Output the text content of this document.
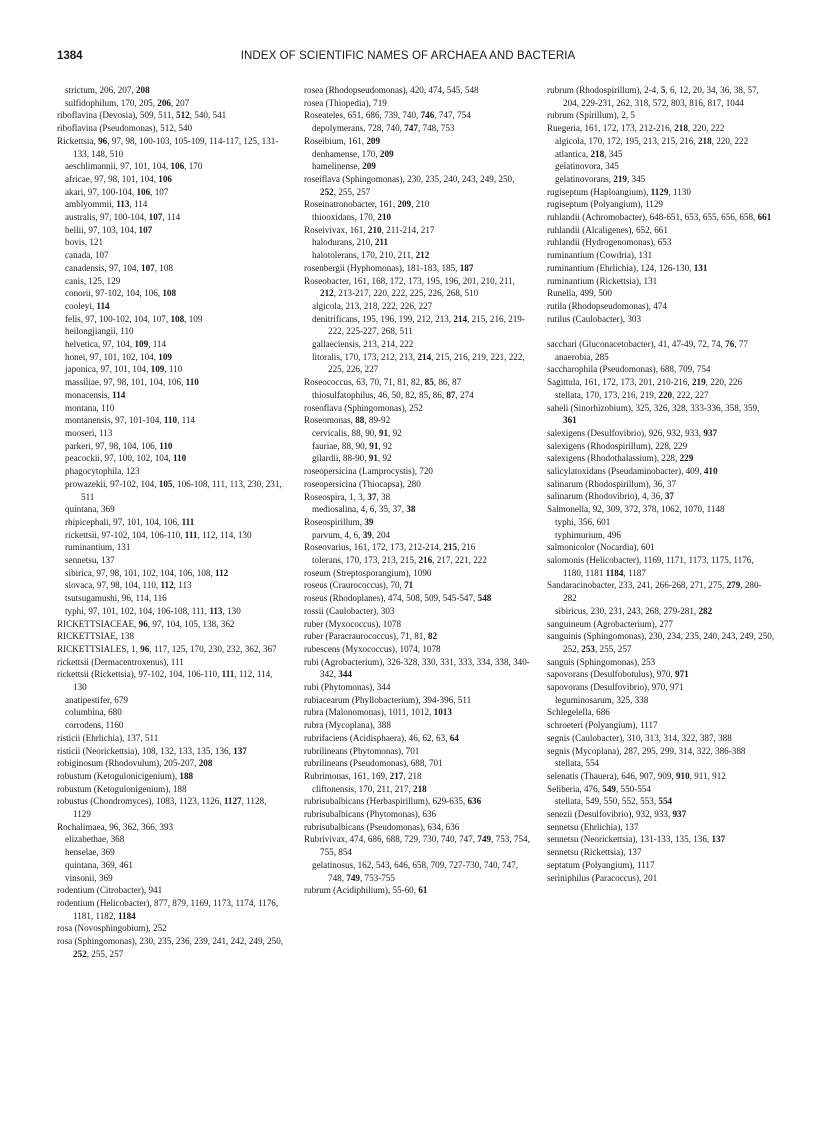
1384	INDEX OF SCIENTIFIC NAMES OF ARCHAEA AND BACTERIA
strictum, 206, 207, 208
sulfidophilum, 170, 205, 206, 207
riboflavina (Devosia), 509, 511, 512, 540, 541
riboflavina (Pseudomonas), 512, 540
Rickettsia, 96, 97, 98, 100-103, 105-109, 114-117, 125, 131-133, 148, 510
aeschlimannii, 97, 101, 104, 106, 170
africae, 97, 98, 101, 104, 106
akari, 97, 100-104, 106, 107
amblyommii, 113, 114
australis, 97, 100-104, 107, 114
bellii, 97, 103, 104, 107
bovis, 121
canada, 107
canadensis, 97, 104, 107, 108
canis, 125, 129
conorii, 97-102, 104, 106, 108
cooleyi, 114
felis, 97, 100-102, 104, 107, 108, 109
heilongjiangii, 110
helvetica, 97, 104, 109, 114
honei, 97, 101, 102, 104, 109
japonica, 97, 101, 104, 109, 110
massiliae, 97, 98, 101, 104, 106, 110
monacensis, 114
montana, 110
montanensis, 97, 101-104, 110, 114
mooseri, 113
parkeri, 97, 98, 104, 106, 110
peacockii, 97, 100, 102, 104, 110
phagocytophila, 123
prowazekii, 97-102, 104, 105, 106-108, 111, 113, 230, 231, 511
quintana, 369
rhipicephali, 97, 101, 104, 106, 111
rickettsii, 97-102, 104, 106-110, 111, 112, 114, 130
ruminantium, 131
sennetsu, 137
sibirica, 97, 98, 101, 102, 104, 106, 108, 112
slovaca, 97, 98, 104, 110, 112, 113
tsutsugamushi, 96, 114, 116
typhi, 97, 101, 102, 104, 106-108, 111, 113, 130
RICKETTSIACEAE, 96, 97, 104, 105, 138, 362
RICKETTSIAE, 138
RICKETTSIALES, 1, 96, 117, 125, 170, 230, 232, 362, 367
rickettsii (Dermacentroxenus), 111
rickettsii (Rickettsia), 97-102, 104, 106-110, 111, 112, 114, 130
anatipestifer, 679
columbina, 680
corrodens, 1160
risticii (Ehrlichia), 137, 511
risticii (Neorickettsia), 108, 132, 133, 135, 136, 137
robiginosum (Rhodovulum), 205-207, 208
robustum (Ketogulonicigenium), 188
robustum (Ketogulonigenium), 188
robustus (Chondromyces), 1083, 1123, 1126, 1127, 1128, 1129
Rochalimaea, 96, 362, 366, 393
elizabethae, 368
henselae, 369
quintana, 369, 461
vinsonii, 369
rodentium (Citrobacter), 941
rodentium (Helicobacter), 877, 879, 1169, 1173, 1174, 1176, 1181, 1182, 1184
rosa (Novosphingobium), 252
rosa (Sphingomonas), 230, 235, 236, 239, 241, 242, 249, 250, 252, 255, 257
rosea (Rhodopseudomonas), 420, 474, 545, 548
rosea (Thiopedia), 719
Roseateles, 651, 686, 739, 740, 746, 747, 754
depolymerans, 728, 740, 747, 748, 753
Roseibium, 161, 209
denhamense, 170, 209
hamelinense, 209
roseiflava (Sphingomonas), 230, 235, 240, 243, 249, 250, 252, 255, 257
Roseinatronobacter, 161, 209, 210
thiooxidans, 170, 210
Roseivivax, 161, 210, 211-214, 217
halodurans, 210, 211
halotolerans, 170, 210, 211, 212
rosenbergii (Hyphomonas), 181-183, 185, 187
Roseobacter, 161, 168, 172, 173, 195, 196, 201, 210, 211, 212, 213-217, 220, 222, 225, 226, 268, 510
algicola, 213, 218, 222, 226, 227
denitrificans, 195, 196, 199, 212, 213, 214, 215, 216, 219-222, 225-227, 268, 511
gallaeciensis, 213, 214, 222
litoralis, 170, 173, 212, 213, 214, 215, 216, 219, 221, 222, 225, 226, 227
Roseococcus, 63, 70, 71, 81, 82, 85, 86, 87
thiosulfatophilus, 46, 50, 82, 85, 86, 87, 274
roseoflava (Sphingomonas), 252
Roseomonas, 88, 89-92
cervicalis, 88, 90, 91, 92
fauriae, 88, 90, 91, 92
gilardii, 88-90, 91, 92
roseopersicina (Lamprocystis), 720
roseopersicina (Thiocapsa), 280
Roseospira, 1, 3, 37, 38
mediosalina, 4, 6, 35, 37, 38
Roseospirillum, 39
parvum, 4, 6, 39, 204
Roseovarius, 161, 172, 173, 212-214, 215, 216
tolerans, 170, 173, 213, 215, 216, 217, 221, 222
roseum (Streptosporangium), 1090
roseus (Craurococcus), 70, 71
roseus (Rhodoplanes), 474, 508, 509, 545-547, 548
rossii (Caulobacter), 303
ruber (Myxococcus), 1078
ruber (Paracraurococcus), 71, 81, 82
rubescens (Myxococcus), 1074, 1078
rubi (Agrobacterium), 326-328, 330, 331, 333, 334, 338, 340-342, 344
rubi (Phytomonas), 344
rubiacearum (Phyllobacterium), 394-396, 511
rubra (Malonomonas), 1011, 1012, 1013
rubra (Mycoplana), 388
rubrifaciens (Acidisphaera), 46, 62, 63, 64
rubrilineans (Phytomonas), 701
rubrilineans (Pseudomonas), 688, 701
Rubrimonas, 161, 169, 217, 218
cliftonensis, 170, 211, 217, 218
rubrisubalbicans (Herbaspirillum), 629-635, 636
rubrisubalbicans (Phytomonas), 636
rubrisubalbicans (Pseudomonas), 634, 636
Rubrivivax, 474, 686, 688, 729, 730, 740, 747, 749, 753, 754, 755, 854
gelatinosus, 162, 543, 646, 658, 709, 727-730, 740, 747, 748, 749, 753-755
rubrum (Acidiphilium), 55-60, 61
rubrum (Rhodospirillum), 2-4, 5, 6, 12, 20, 34, 36, 38, 57, 204, 229-231, 262, 318, 572, 803, 816, 817, 1044
rubrum (Spirillum), 2, 5
Ruegeria, 161, 172, 173, 212-216, 218, 220, 222
algicola, 170, 172, 195, 213, 215, 216, 218, 220, 222
atlantica, 218, 345
gelatinovora, 345
gelatinovorans, 219, 345
rugiseptum (Haploangium), 1129, 1130
rugiseptum (Polyangium), 1129
ruhlandii (Achromobacter), 648-651, 653, 655, 656, 658, 661
ruhlandii (Alcaligenes), 652, 661
ruhlandii (Hydrogenomonas), 653
ruminantium (Cowdria), 131
ruminantium (Ehrlichia), 124, 126-130, 131
ruminantium (Rickettsia), 131
Runella, 499, 500
rutila (Rhodopseudomonas), 474
rutilus (Caulobacter), 303
sacchari (Gluconacetobacter), 41, 47-49, 72, 74, 76, 77
anaerobia, 285
saccharophila (Pseudomonas), 688, 709, 754
Sagittula, 161, 172, 173, 201, 210-216, 219, 220, 226
stellata, 170, 173, 216, 219, 220, 222, 227
saheli (Sinorhizobium), 325, 326, 328, 333-336, 358, 359, 361
salexigens (Desulfovibrio), 926, 932, 933, 937
salexigens (Rhodospirillum), 228, 229
salexigens (Rhodothalassium), 228, 229
salicylatoxidans (Pseudaminobacter), 409, 410
salinarum (Rhodospirillum), 36, 37
salinarum (Rhodovibrio), 4, 36, 37
Salmonella, 92, 309, 372, 378, 1062, 1070, 1148
typhi, 356, 601
typhimurium, 496
salmonicolor (Nocardia), 601
salomonis (Helicobacter), 1169, 1171, 1173, 1175, 1176, 1180, 1181 1184, 1187
Sandaracinobacter, 233, 241, 266-268, 271, 275, 279, 280-282
sibiricus, 230, 231, 243, 268, 279-281, 282
sanguineum (Agrobacterium), 277
sanguinis (Sphingomonas), 230, 234, 235, 240, 243, 249, 250, 252, 253, 255, 257
sanguis (Sphingomonas), 253
sapovorans (Desulfobotulus), 970, 971
sapovorans (Desulfovibrio), 970, 971
leguminosarum, 325, 338
Schlegelella, 686
schroeteri (Polyangium), 1117
segnis (Caulobacter), 310, 313, 314, 322, 387, 388
segnis (Mycoplana), 287, 295, 299, 314, 322, 386-388
stellata, 554
selenatis (Thauera), 646, 907, 909, 910, 911, 912
Seliberia, 476, 549, 550-554
stellata, 549, 550, 552, 553, 554
senezii (Desulfovibrio), 932, 933, 937
sennetsu (Ehrlichia), 137
sennetsu (Neorickettsia), 131-133, 135, 136, 137
sennetsu (Rickettsia), 137
septatum (Polyangium), 1117
seriniphilus (Paracoccus), 201
